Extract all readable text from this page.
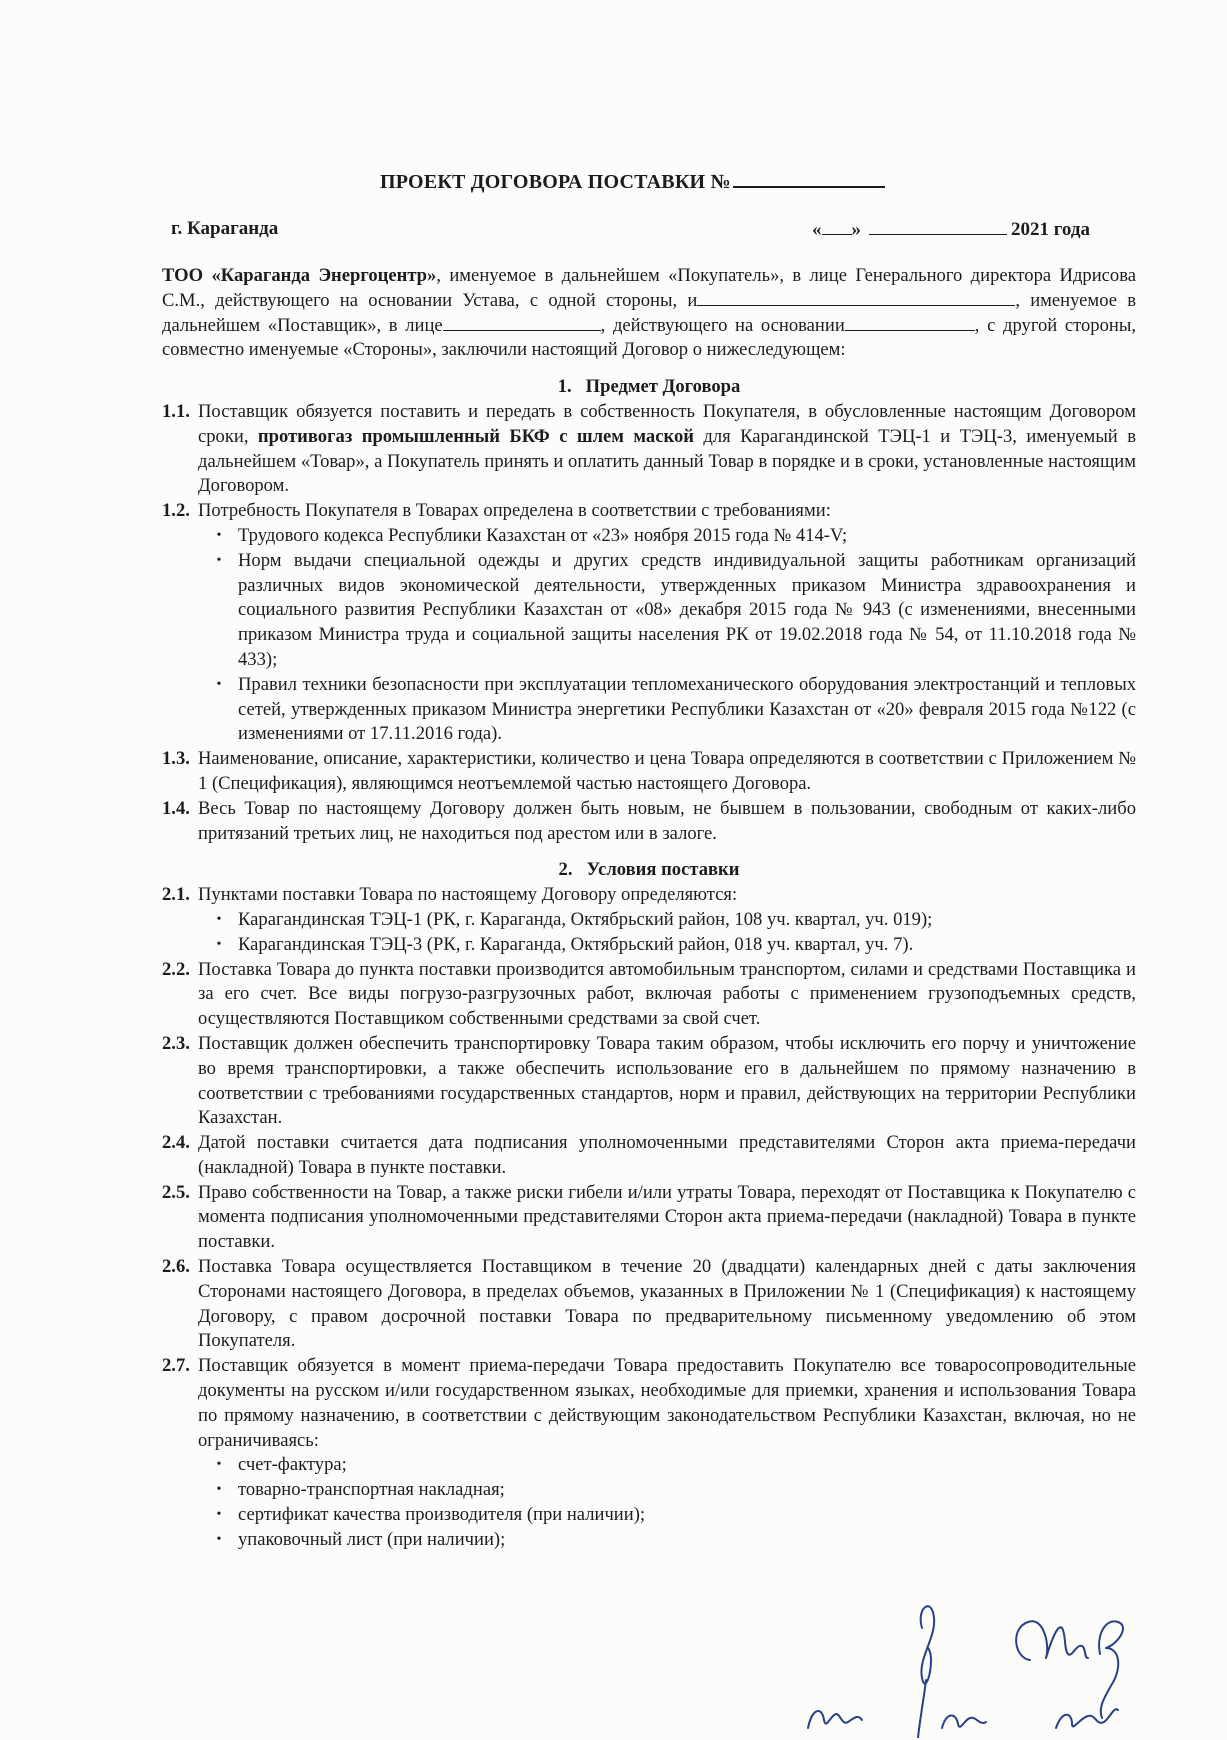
ПРОЕКТ ДОГОВОРА ПОСТАВКИ №
г. Караганда	« »	2021 года

ТОО «Караганда Энергоцентр», именуемое в дальнейшем «Покупатель», в лице Генерального директора Идрисова С.М., действующего на основании Устава, с одной стороны, и	, именуемое в дальнейшем «Поставщик», в лице	, действующего на основании	, с другой стороны, совместно именуемые «Стороны», заключили настоящий Договор о нижеследующем:

1. Предмет Договора
1.1. Поставщик обязуется поставить и передать в собственность Покупателя, в обусловленные настоящим Договором сроки, противогаз промышленный БКФ с шлем маской для Карагандинской ТЭЦ-1 и ТЭЦ-3, именуемый в дальнейшем «Товар», а Покупатель принять и оплатить данный Товар в порядке и в сроки, установленные настоящим Договором.
1.2. Потребность Покупателя в Товарах определена в соответствии с требованиями:
• Трудового кодекса Республики Казахстан от «23» ноября 2015 года № 414-V;
• Норм выдачи специальной одежды и других средств индивидуальной защиты работникам организаций различных видов экономической деятельности, утвержденных приказом Министра здравоохранения и социального развития Республики Казахстан от «08» декабря 2015 года № 943 (с изменениями, внесенными приказом Министра труда и социальной защиты населения РК от 19.02.2018 года № 54, от 11.10.2018 года № 433);
• Правил техники безопасности при эксплуатации тепломеханического оборудования электростанций и тепловых сетей, утвержденных приказом Министра энергетики Республики Казахстан от «20» февраля 2015 года №122 (с изменениями от 17.11.2016 года).
1.3. Наименование, описание, характеристики, количество и цена Товара определяются в соответствии с Приложением № 1 (Спецификация), являющимся неотъемлемой частью настоящего Договора.
1.4. Весь Товар по настоящему Договору должен быть новым, не бывшем в пользовании, свободным от каких-либо притязаний третьих лиц, не находиться под арестом или в залоге.
2. Условия поставки
2.1. Пунктами поставки Товара по настоящему Договору определяются:
• Карагандинская ТЭЦ-1 (РК, г. Караганда, Октябрьский район, 108 уч. квартал, уч. 019);
• Карагандинская ТЭЦ-3 (РК, г. Караганда, Октябрьский район, 018 уч. квартал, уч. 7).
2.2. Поставка Товара до пункта поставки производится автомобильным транспортом, силами и средствами Поставщика и за его счет. Все виды погрузо-разгрузочных работ, включая работы с применением грузоподъемных средств, осуществляются Поставщиком собственными средствами за свой счет.
2.3. Поставщик должен обеспечить транспортировку Товара таким образом, чтобы исключить его порчу и уничтожение во время транспортировки, а также обеспечить использование его в дальнейшем по прямому назначению в соответствии с требованиями государственных стандартов, норм и правил, действующих на территории Республики Казахстан.
2.4. Датой поставки считается дата подписания уполномоченными представителями Сторон акта приема-передачи (накладной) Товара в пункте поставки.
2.5. Право собственности на Товар, а также риски гибели и/или утраты Товара, переходят от Поставщика к Покупателю с момента подписания уполномоченными представителями Сторон акта приема-передачи (накладной) Товара в пункте поставки.
2.6. Поставка Товара осуществляется Поставщиком в течение 20 (двадцати) календарных дней с даты заключения Сторонами настоящего Договора, в пределах объемов, указанных в Приложении № 1 (Спецификация) к настоящему Договору, с правом досрочной поставки Товара по предварительному письменному уведомлению об этом Покупателя.
2.7. Поставщик обязуется в момент приема-передачи Товара предоставить Покупателю все товаросопроводительные документы на русском и/или государственном языках, необходимые для приемки, хранения и использования Товара по прямому назначению, в соответствии с действующим законодательством Республики Казахстан, включая, но не ограничиваясь:
• счет-фактура;
• товарно-транспортная накладная;
• сертификат качества производителя (при наличии);
• упаковочный лист (при наличии);
